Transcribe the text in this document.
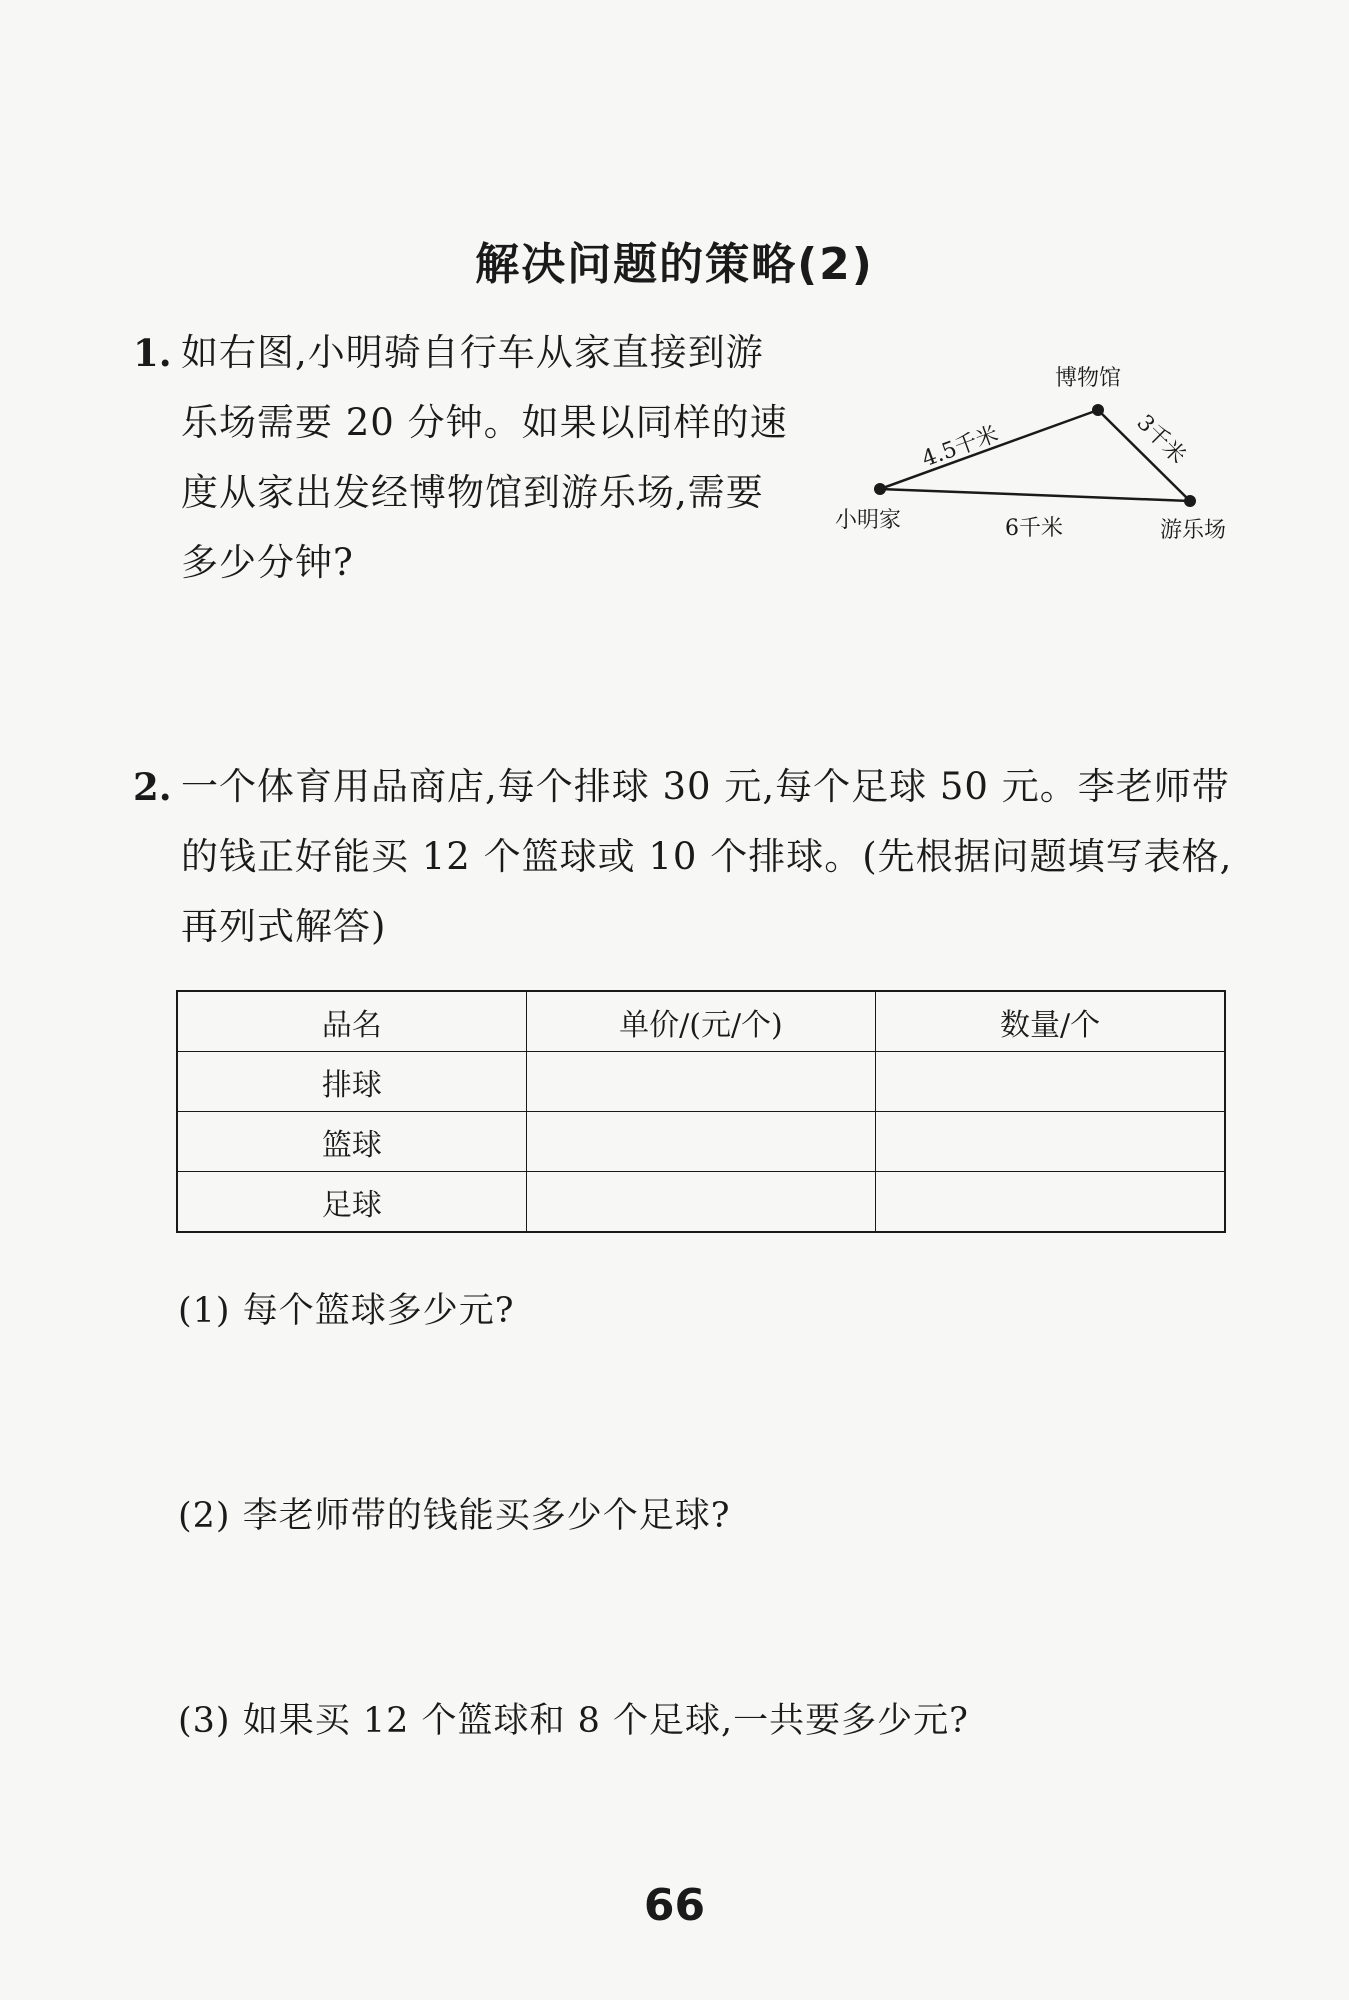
解决问题的策略(2)
1. 如右图,小明骑自行车从家直接到游乐场需要 20 分钟。如果以同样的速度从家出发经博物馆到游乐场,需要多少分钟?
博物馆
小明家	游乐场
4.5千米	3千米
6千米
2. 一个体育用品商店,每个排球 30 元,每个足球 50 元。李老师带的钱正好能买 12 个篮球或 10 个排球。(先根据问题填写表格,再列式解答)
品名	单价/(元/个)	数量/个
排球		
篮球		
足球		
(1) 每个篮球多少元?
(2) 李老师带的钱能买多少个足球?
(3) 如果买 12 个篮球和 8 个足球,一共要多少元?
66
